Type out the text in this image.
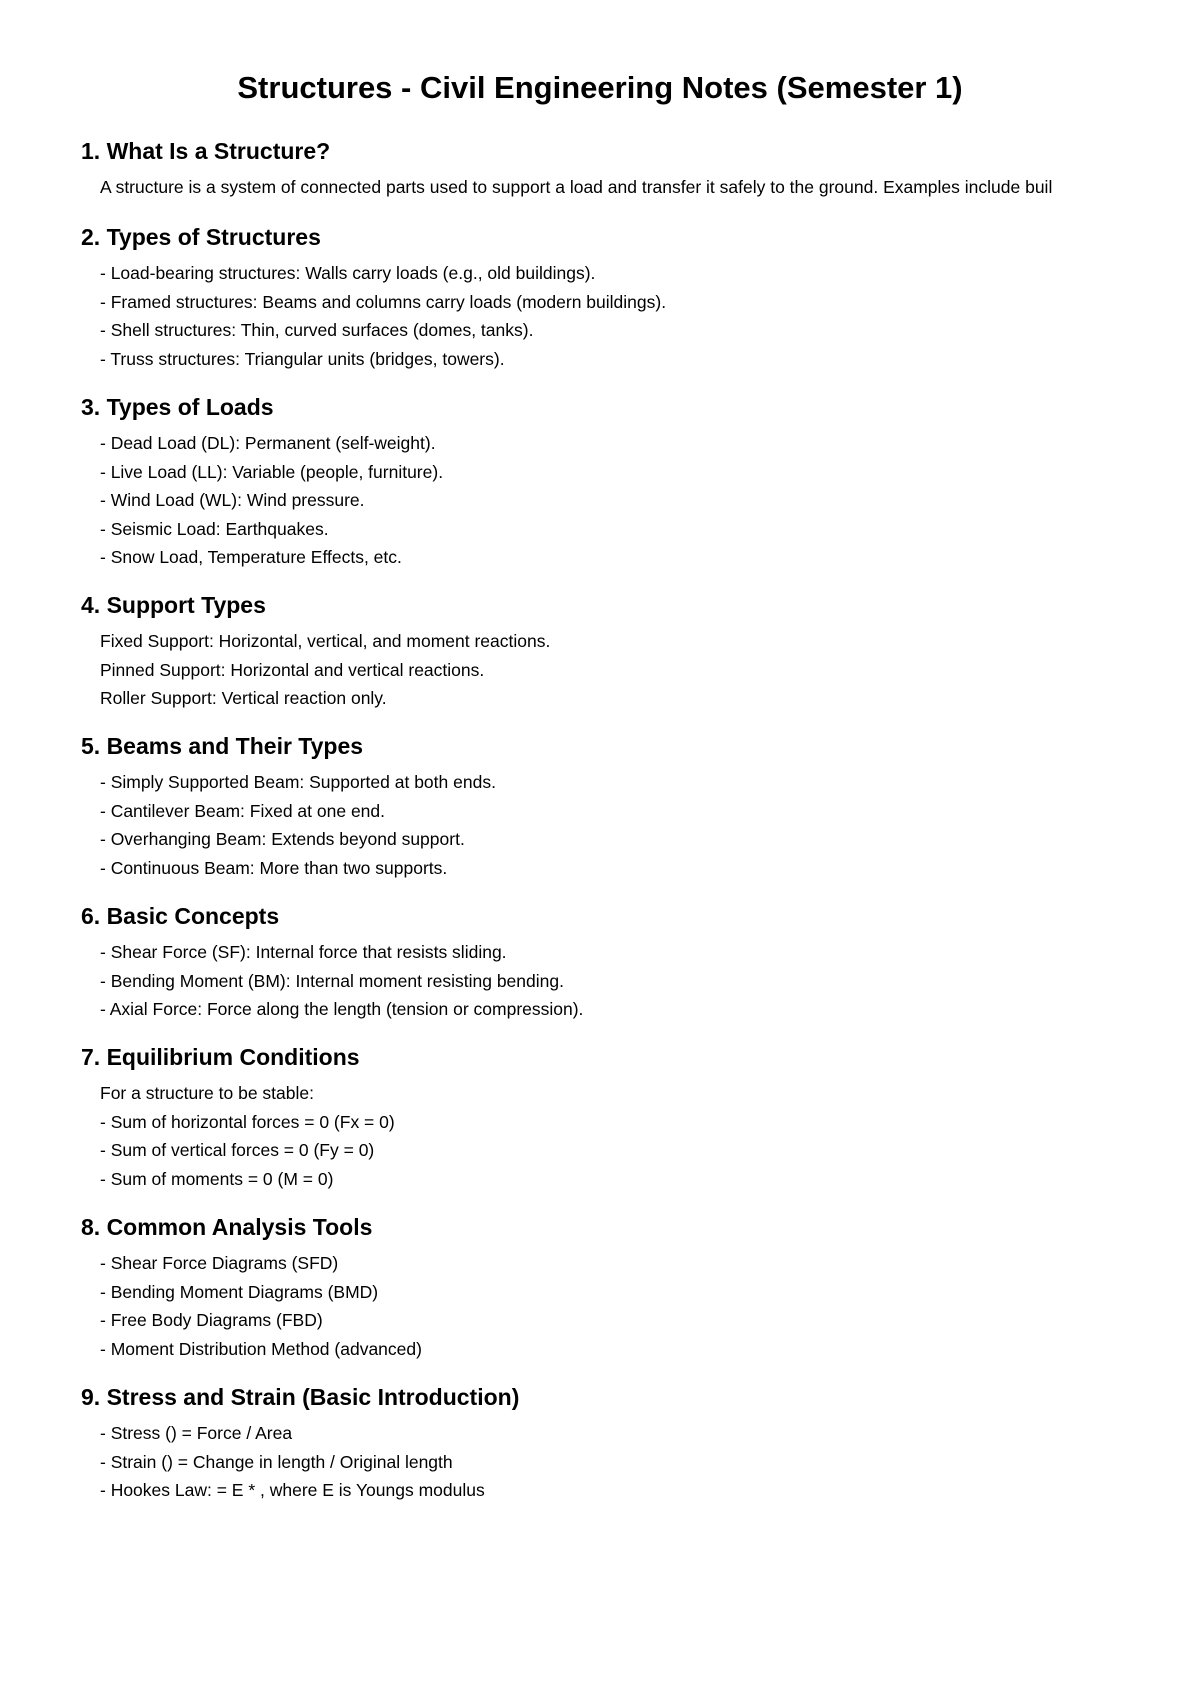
Structures - Civil Engineering Notes (Semester 1)
1. What Is a Structure?
A structure is a system of connected parts used to support a load and transfer it safely to the ground. Examples include buil
2. Types of Structures
- Load-bearing structures: Walls carry loads (e.g., old buildings).
- Framed structures: Beams and columns carry loads (modern buildings).
- Shell structures: Thin, curved surfaces (domes, tanks).
- Truss structures: Triangular units (bridges, towers).
3. Types of Loads
- Dead Load (DL): Permanent (self-weight).
- Live Load (LL): Variable (people, furniture).
- Wind Load (WL): Wind pressure.
- Seismic Load: Earthquakes.
- Snow Load, Temperature Effects, etc.
4. Support Types
Fixed Support: Horizontal, vertical, and moment reactions.
Pinned Support: Horizontal and vertical reactions.
Roller Support: Vertical reaction only.
5. Beams and Their Types
- Simply Supported Beam: Supported at both ends.
- Cantilever Beam: Fixed at one end.
- Overhanging Beam: Extends beyond support.
- Continuous Beam: More than two supports.
6. Basic Concepts
- Shear Force (SF): Internal force that resists sliding.
- Bending Moment (BM): Internal moment resisting bending.
- Axial Force: Force along the length (tension or compression).
7. Equilibrium Conditions
For a structure to be stable:
- Sum of horizontal forces = 0 (Fx = 0)
- Sum of vertical forces = 0 (Fy = 0)
- Sum of moments = 0 (M = 0)
8. Common Analysis Tools
- Shear Force Diagrams (SFD)
- Bending Moment Diagrams (BMD)
- Free Body Diagrams (FBD)
- Moment Distribution Method (advanced)
9. Stress and Strain (Basic Introduction)
- Stress () = Force / Area
- Strain () = Change in length / Original length
- Hookes Law: = E * , where E is Youngs modulus
